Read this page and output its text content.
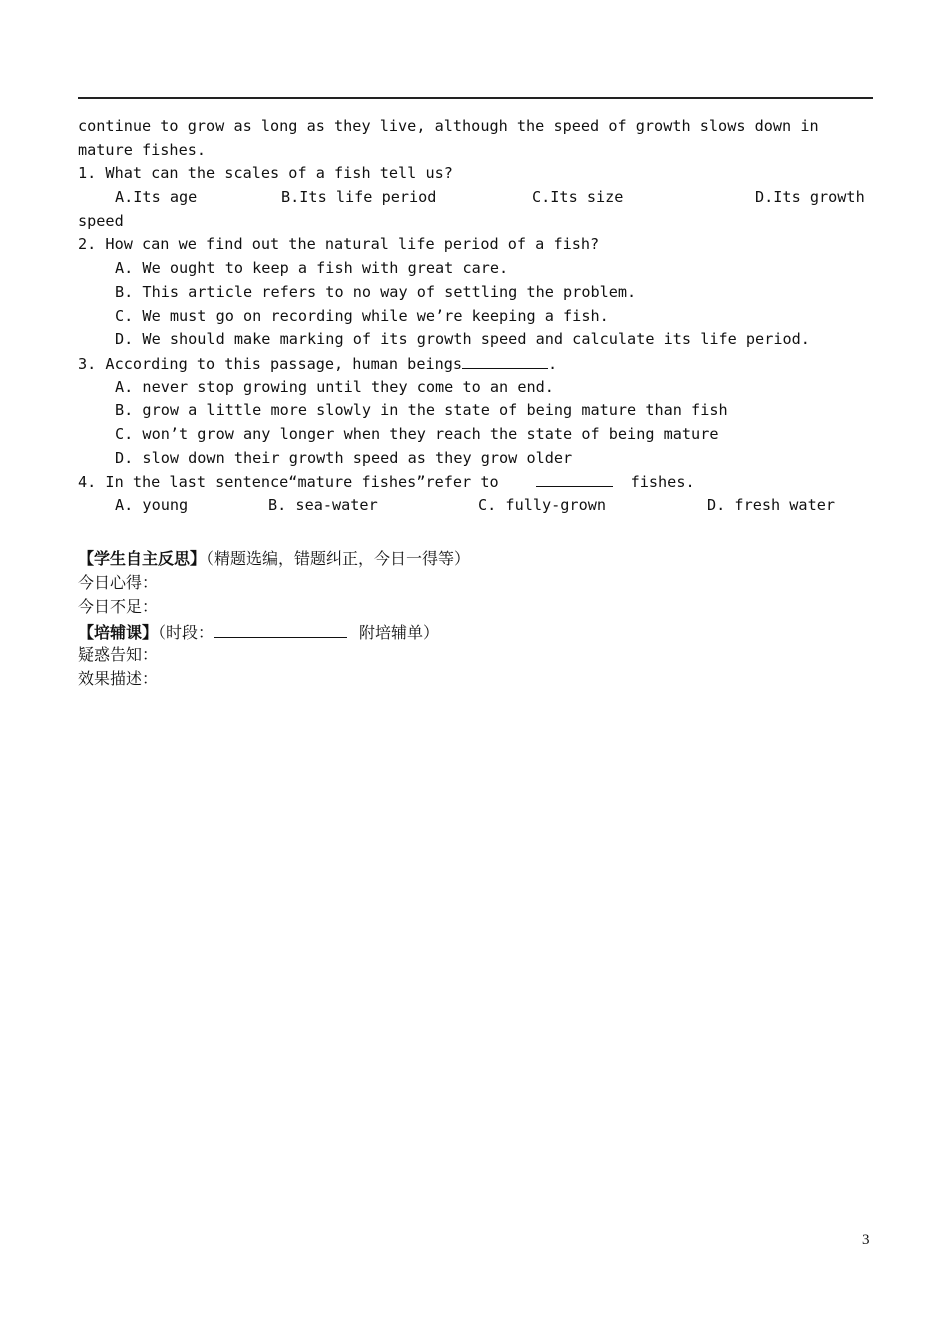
continue to grow as long as they live, although the speed of growth slows down in
mature fishes.
1. What can the scales of a fish tell us?
A.Its age	B.Its life period	C.Its size	D.Its growth
speed
2. How can we find out the natural life period of a fish?
A. We ought to keep a fish with great care.
B. This article refers to no way of settling the problem.
C. We must go on recording while we’re keeping a fish.
D. We should make marking of its growth speed and calculate its life period.
3. According to this passage, human beings	.
A. never stop growing until they come to an end.
B. grow a little more slowly in the state of being mature than fish
C. won’t grow any longer when they reach the state of being mature
D. slow down their growth speed as they grow older
4. In the last sentence“mature fishes”refer to	fishes.
A. young	B. sea-water	C. fully-grown	D. fresh water
【学生自主反思】（精题选编，错题纠正，今日一得等）
今日心得：
今日不足：
【培辅课】（时段：	附培辅单）
疑惑告知：
效果描述：
3
